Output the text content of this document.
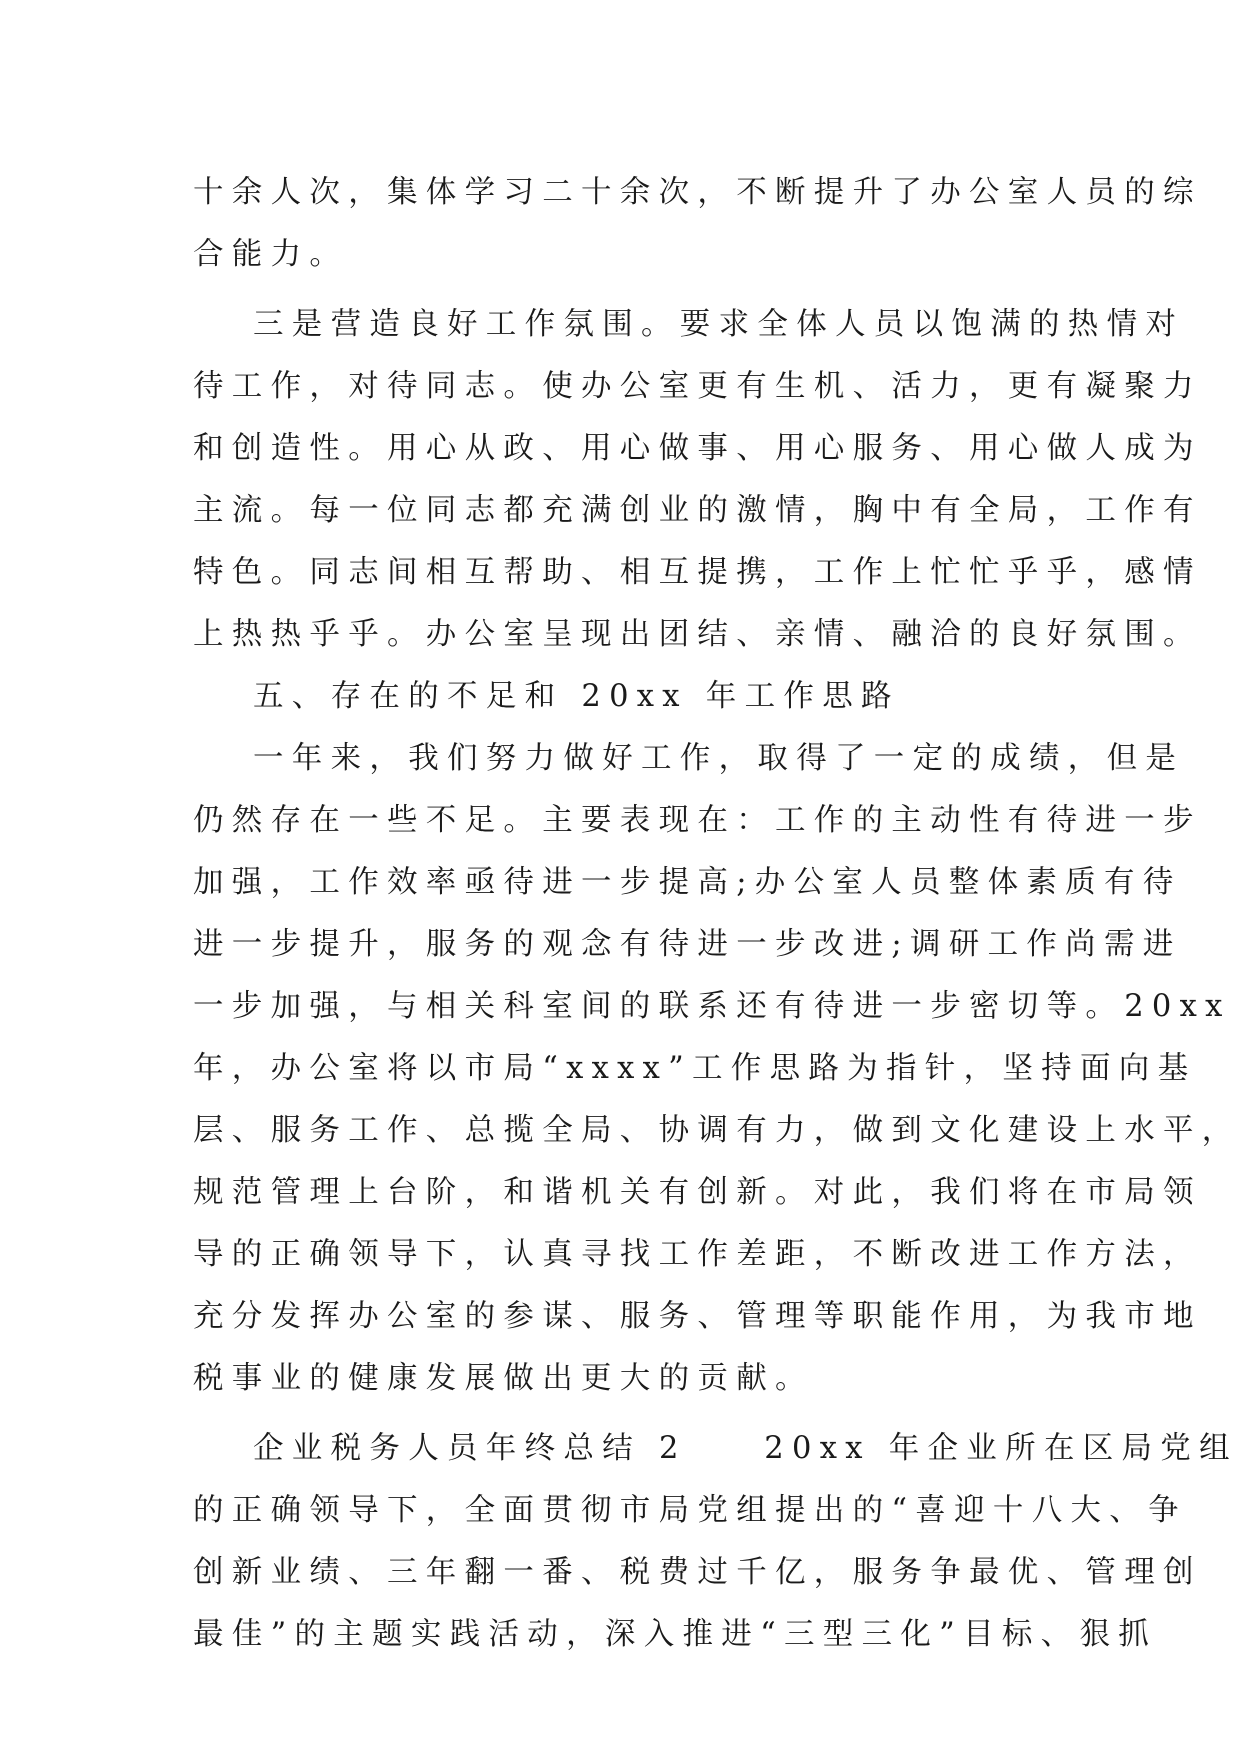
十余人次，集体学习二十余次，不断提升了办公室人员的综
合能力。
三是营造良好工作氛围。要求全体人员以饱满的热情对
待工作，对待同志。使办公室更有生机、活力，更有凝聚力
和创造性。用心从政、用心做事、用心服务、用心做人成为
主流。每一位同志都充满创业的激情，胸中有全局，工作有
特色。同志间相互帮助、相互提携，工作上忙忙乎乎，感情
上热热乎乎。办公室呈现出团结、亲情、融洽的良好氛围。
五、存在的不足和 20xx 年工作思路
一年来，我们努力做好工作，取得了一定的成绩，但是
仍然存在一些不足。主要表现在：工作的主动性有待进一步
加强，工作效率亟待进一步提高;办公室人员整体素质有待
进一步提升，服务的观念有待进一步改进;调研工作尚需进
一步加强，与相关科室间的联系还有待进一步密切等。20xx
年，办公室将以市局“xxxx”工作思路为指针，坚持面向基
层、服务工作、总揽全局、协调有力，做到文化建设上水平，
规范管理上台阶，和谐机关有创新。对此，我们将在市局领
导的正确领导下，认真寻找工作差距，不断改进工作方法，
充分发挥办公室的参谋、服务、管理等职能作用，为我市地
税事业的健康发展做出更大的贡献。
企业税务人员年终总结 2　　20xx 年企业所在区局党组
的正确领导下，全面贯彻市局党组提出的“喜迎十八大、争
创新业绩、三年翻一番、税费过千亿，服务争最优、管理创
最佳”的主题实践活动，深入推进“三型三化”目标、狠抓
